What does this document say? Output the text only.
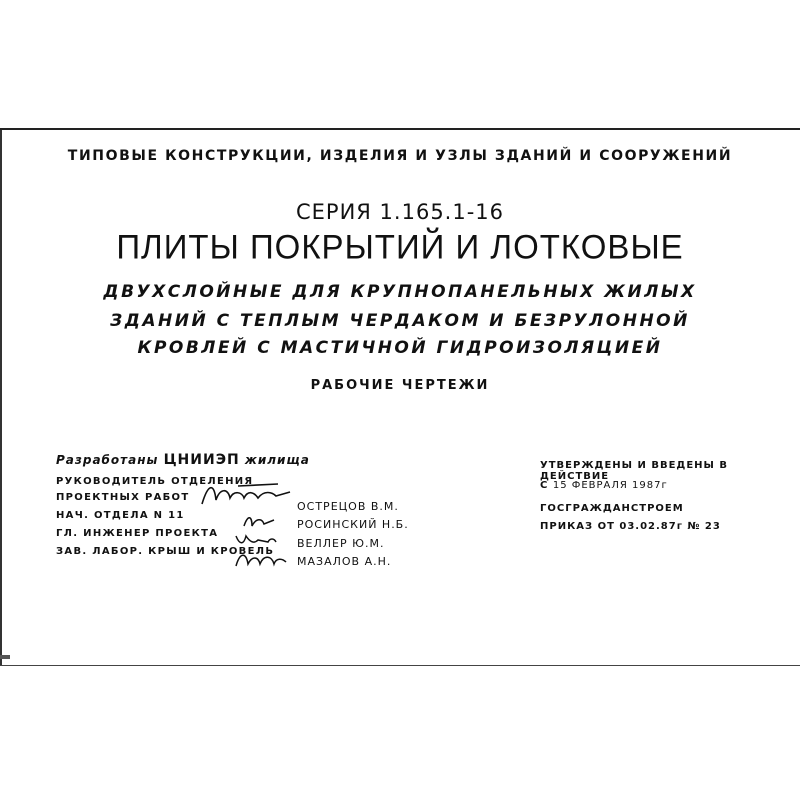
ТИПОВЫЕ КОНСТРУКЦИИ, ИЗДЕЛИЯ И УЗЛЫ ЗДАНИЙ И СООРУЖЕНИЙ
СЕРИЯ 1.165.1-16
ПЛИТЫ ПОКРЫТИЙ И ЛОТКОВЫЕ
ДВУХСЛОЙНЫЕ ДЛЯ КРУПНОПАНЕЛЬНЫХ ЖИЛЫХ
ЗДАНИЙ С ТЕПЛЫМ ЧЕРДАКОМ И БЕЗРУЛОННОЙ
КРОВЛЕЙ С МАСТИЧНОЙ ГИДРОИЗОЛЯЦИЕЙ
РАБОЧИЕ ЧЕРТЕЖИ
Разработаны ЦНИИЭП жилища
РУКОВОДИТЕЛЬ ОТДЕЛЕНИЯ
ПРОЕКТНЫХ РАБОТ
НАЧ. ОТДЕЛА N 11
ГЛ. ИНЖЕНЕР ПРОЕКТА
ЗАВ. ЛАБОР. КРЫШ И КРОВЕЛЬ
ОСТРЕЦОВ В.М.
РОСИНСКИЙ Н.Б.
ВЕЛЛЕР Ю.М.
МАЗАЛОВ А.Н.
УТВЕРЖДЕНЫ И ВВЕДЕНЫ В ДЕЙСТВИЕ
С 15 ФЕВРАЛЯ 1987г
ГОСГРАЖДАНСТРОЕМ
ПРИКАЗ ОТ 03.02.87г № 23
